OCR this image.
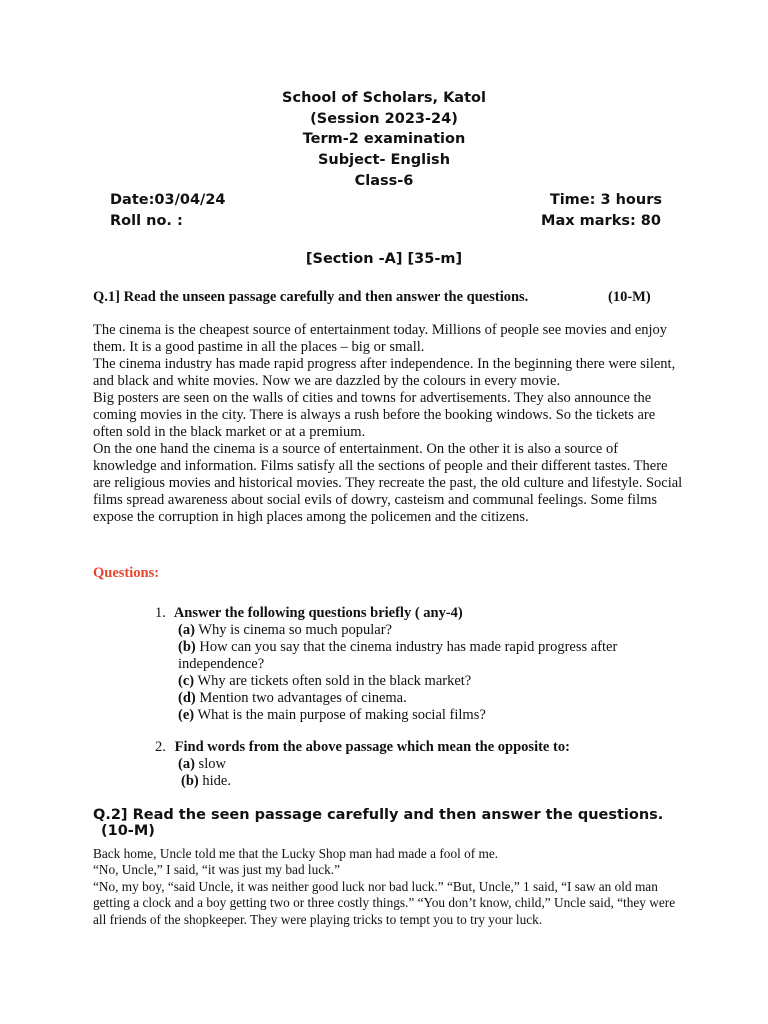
School of Scholars, Katol
(Session 2023-24)
Term-2 examination
Subject- English
Class-6
Date:03/04/24	Time: 3 hours
Roll no. :	Max marks: 80
[Section -A] [35-m]
Q.1] Read the unseen passage carefully and then answer the questions.	(10-M)

The cinema is the cheapest source of entertainment today. Millions of people see movies and enjoy them. It is a good pastime in all the places – big or small.

The cinema industry has made rapid progress after independence. In the beginning there were silent, and black and white movies. Now we are dazzled by the colours in every movie.

Big posters are seen on the walls of cities and towns for advertisements. They also announce the coming movies in the city. There is always a rush before the booking windows. So the tickets are often sold in the black market or at a premium.

On the one hand the cinema is a source of entertainment. On the other it is also a source of knowledge and information. Films satisfy all the sections of people and their different tastes. There are religious movies and historical movies. They recreate the past, the old culture and lifestyle. Social films spread awareness about social evils of dowry, casteism and communal feelings. Some films expose the corruption in high places among the policemen and the citizens.

Questions:
1. Answer the following questions briefly ( any-4)
(a) Why is cinema so much popular?
(b) How can you say that the cinema industry has made rapid progress after independence?
(c) Why are tickets often sold in the black market?
(d) Mention two advantages of cinema.
(e) What is the main purpose of making social films?
2. Find words from the above passage which mean the opposite to:
(a) slow
(b) hide.
Q.2] Read the seen passage carefully and then answer the questions. (10-M)

Back home, Uncle told me that the Lucky Shop man had made a fool of me.

“No, Uncle,” I said, “it was just my bad luck.”

“No, my boy, “said Uncle, it was neither good luck nor bad luck.” “But, Uncle,” 1 said, “I saw an old man getting a clock and a boy getting two or three costly things.” “You don’t know, child,” Uncle said, “they were all friends of the shopkeeper. They were playing tricks to tempt you to try your luck.
